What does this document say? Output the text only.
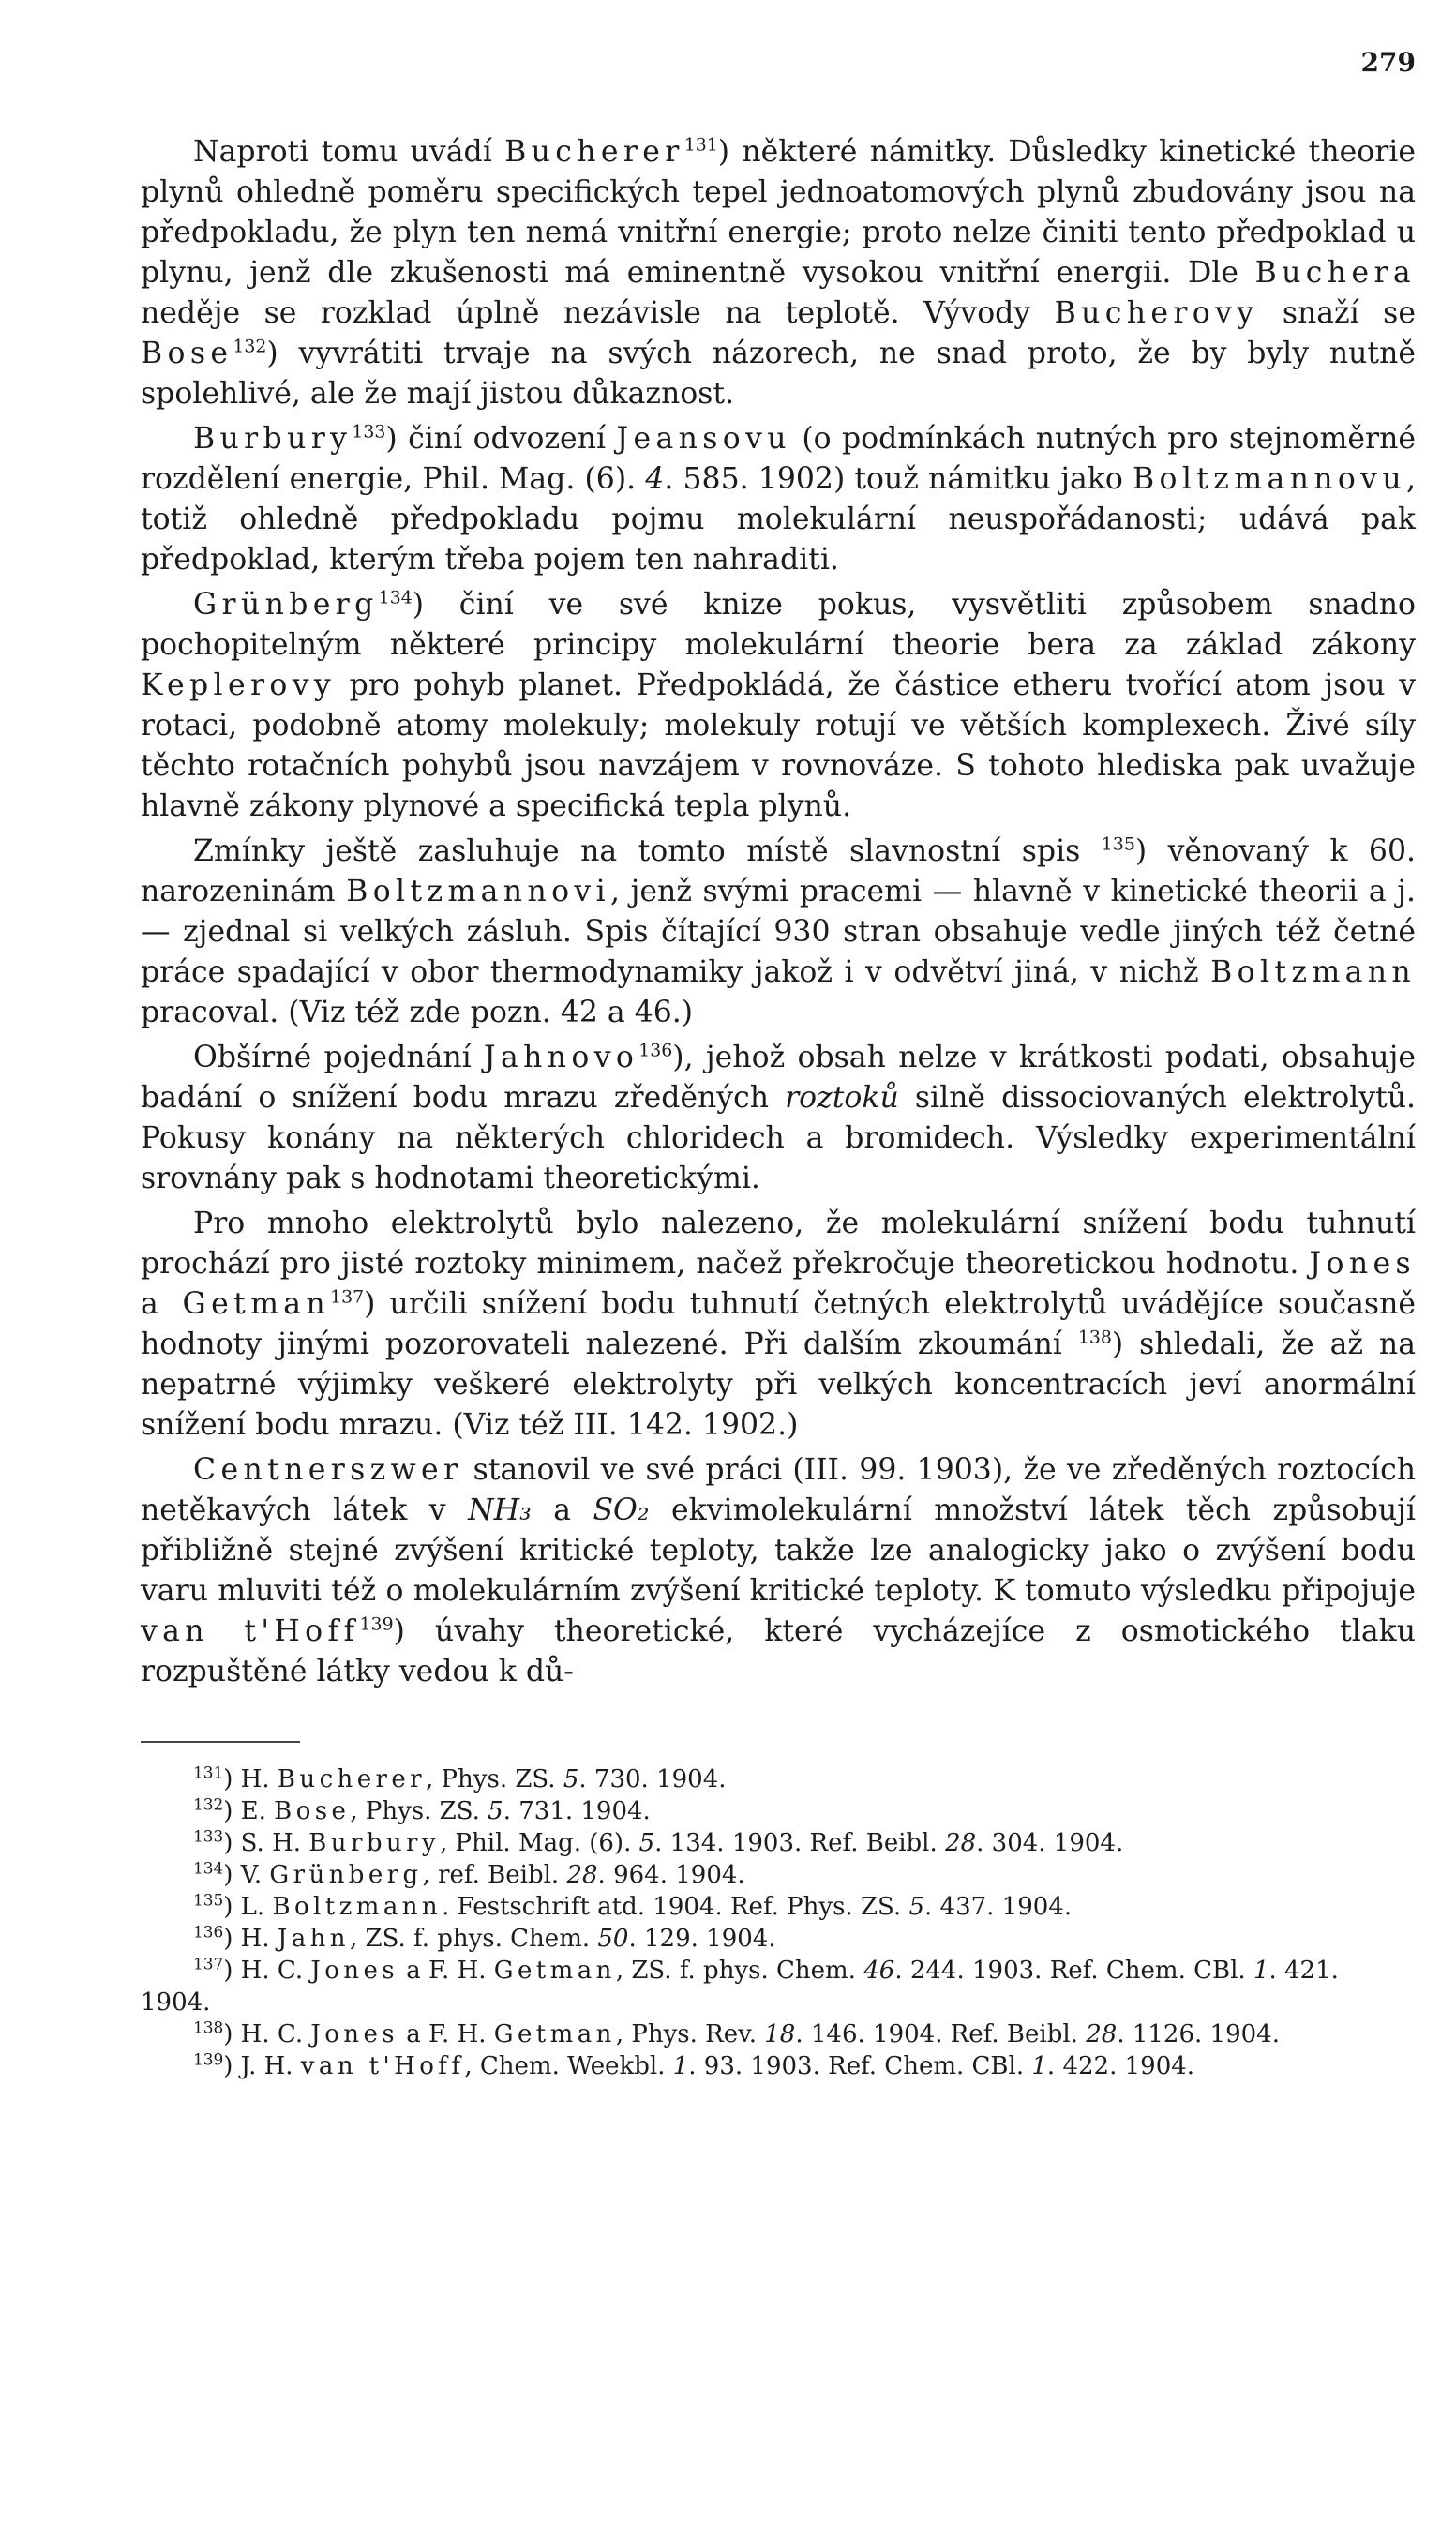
279

Naproti tomu uvádí Bucherer$^{131}$) některé námitky. Důsledky kinetické theorie plynů ohledně poměru specifických tepel jednoatomových plynů zbudovány jsou na předpokladu, že plyn ten nemá vnitřní energie; proto nelze činiti tento předpoklad u plynu, jenž dle zkušenosti má eminentně vysokou vnitřní energii. Dle Buchera neděje se rozklad úplně nezávisle na teplotě. Vývody Bucherovy snaží se Bose$^{132}$) vyvrátiti trvaje na svých názorech, ne snad proto, že by byly nutně spolehlivé, ale že mají jistou důkaznost.

Burbury$^{133}$) činí odvození Jeansovu (o podmínkách nutných pro stejnoměrné rozdělení energie, Phil. Mag. (6). 4. 585. 1902) touž námitku jako Boltzmannovu, totiž ohledně předpokladu pojmu molekulární neuspořádanosti; udává pak předpoklad, kterým třeba pojem ten nahraditi.

Grünberg$^{134}$) činí ve své knize pokus, vysvětliti způsobem snadno pochopitelným některé principy molekulární theorie bera za základ zákony Keplerovy pro pohyb planet. Předpokládá, že částice etheru tvořící atom jsou v rotaci, podobně atomy molekuly; molekuly rotují ve větších komplexech. Živé síly těchto rotačních pohybů jsou navzájem v rovnováze. S tohoto hlediska pak uvažuje hlavně zákony plynové a specifická tepla plynů.

Zmínky ještě zasluhuje na tomto místě slavnostní spis $^{135}$) věnovaný k 60. narozeninám Boltzmannovi, jenž svými pracemi — hlavně v kinetické theorii a j. — zjednal si velkých zásluh. Spis čítající 930 stran obsahuje vedle jiných též četné práce spadající v obor thermodynamiky jakož i v odvětví jiná, v nichž Boltzmann pracoval. (Viz též zde pozn. 42 a 46.)

Obšírné pojednání Jahnovo$^{136}$), jehož obsah nelze v krátkosti podati, obsahuje badání o snížení bodu mrazu zředěných roztoků silně dissociovaných elektrolytů. Pokusy konány na některých chloridech a bromidech. Výsledky experimentální srovnány pak s hodnotami theoretickými.

Pro mnoho elektrolytů bylo nalezeno, že molekulární snížení bodu tuhnutí prochází pro jisté roztoky minimem, načež překročuje theoretickou hodnotu. Jones a Getman$^{137}$) určili snížení bodu tuhnutí četných elektrolytů uvádějíce současně hodnoty jinými pozorovateli nalezené. Při dalším zkoumání $^{138}$) shledali, že až na nepatrné výjimky veškeré elektrolyty při velkých koncentracích jeví anormální snížení bodu mrazu. (Viz též III. 142. 1902.)

Centnerszwer stanovil ve své práci (III. 99. 1903), že ve zředěných roztocích netěkavých látek v NH₃ a SO₂ ekvimolekulární množství látek těch způsobují přibližně stejné zvýšení kritické teploty, takže lze analogicky jako o zvýšení bodu varu mluviti též o molekulárním zvýšení kritické teploty. K tomuto výsledku připojuje van t'Hoff$^{139}$) úvahy theoretické, které vycházejíce z osmotického tlaku rozpuštěné látky vedou k dů-

$^{131}$) H. Bucherer, Phys. ZS. 5. 730. 1904.

$^{132}$) E. Bose, Phys. ZS. 5. 731. 1904.

$^{133}$) S. H. Burbury, Phil. Mag. (6). 5. 134. 1903. Ref. Beibl. 28. 304. 1904.

$^{134}$) V. Grünberg, ref. Beibl. 28. 964. 1904.

$^{135}$) L. Boltzmann. Festschrift atd. 1904. Ref. Phys. ZS. 5. 437. 1904.

$^{136}$) H. Jahn, ZS. f. phys. Chem. 50. 129. 1904.

$^{137}$) H. C. Jones a F. H. Getman, ZS. f. phys. Chem. 46. 244. 1903. Ref. Chem. CBl. 1. 421. 1904.

$^{138}$) H. C. Jones a F. H. Getman, Phys. Rev. 18. 146. 1904. Ref. Beibl. 28. 1126. 1904.

$^{139}$) J. H. van t'Hoff, Chem. Weekbl. 1. 93. 1903. Ref. Chem. CBl. 1. 422. 1904.
